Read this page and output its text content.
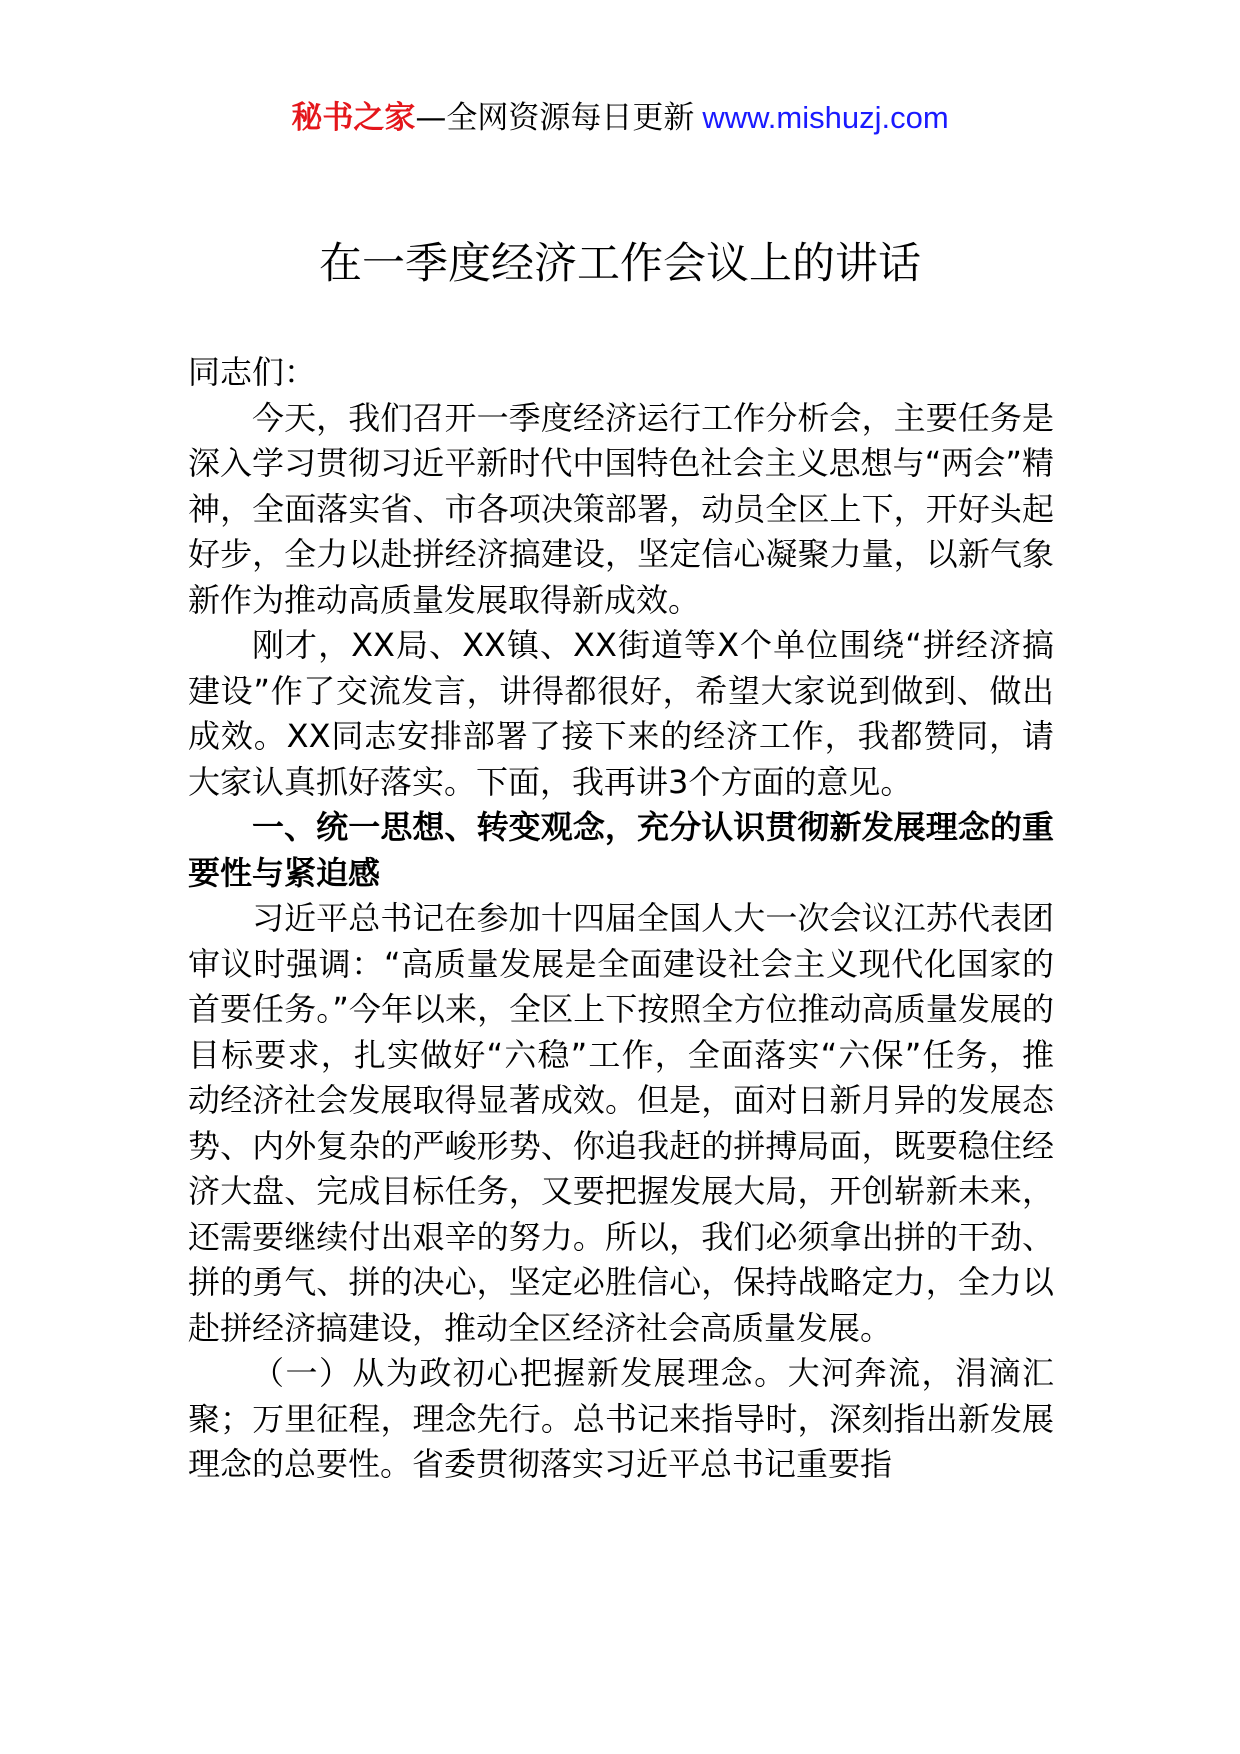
秘书之家—全网资源每日更新 www.mishuzj.com
在一季度经济工作会议上的讲话

同志们：

今天，我们召开一季度经济运行工作分析会，主要任务是深入学习贯彻习近平新时代中国特色社会主义思想与“两会”精神，全面落实省、市各项决策部署，动员全区上下，开好头起好步，全力以赴拼经济搞建设，坚定信心凝聚力量，以新气象新作为推动高质量发展取得新成效。

刚才，XX局、XX镇、XX街道等X个单位围绕“拼经济搞建设”作了交流发言，讲得都很好，希望大家说到做到、做出成效。XX同志安排部署了接下来的经济工作，我都赞同，请大家认真抓好落实。下面，我再讲3个方面的意见。

一、统一思想、转变观念，充分认识贯彻新发展理念的重要性与紧迫感

习近平总书记在参加十四届全国人大一次会议江苏代表团审议时强调：“高质量发展是全面建设社会主义现代化国家的首要任务。”今年以来，全区上下按照全方位推动高质量发展的目标要求，扎实做好“六稳”工作，全面落实“六保”任务，推动经济社会发展取得显著成效。但是，面对日新月异的发展态势、内外复杂的严峻形势、你追我赶的拼搏局面，既要稳住经济大盘、完成目标任务，又要把握发展大局，开创崭新未来，还需要继续付出艰辛的努力。所以，我们必须拿出拼的干劲、拼的勇气、拼的决心，坚定必胜信心，保持战略定力，全力以赴拼经济搞建设，推动全区经济社会高质量发展。

（一）从为政初心把握新发展理念。大河奔流，涓滴汇聚；万里征程，理念先行。总书记来指导时，深刻指出新发展理念的总要性。省委贯彻落实习近平总书记重要指
